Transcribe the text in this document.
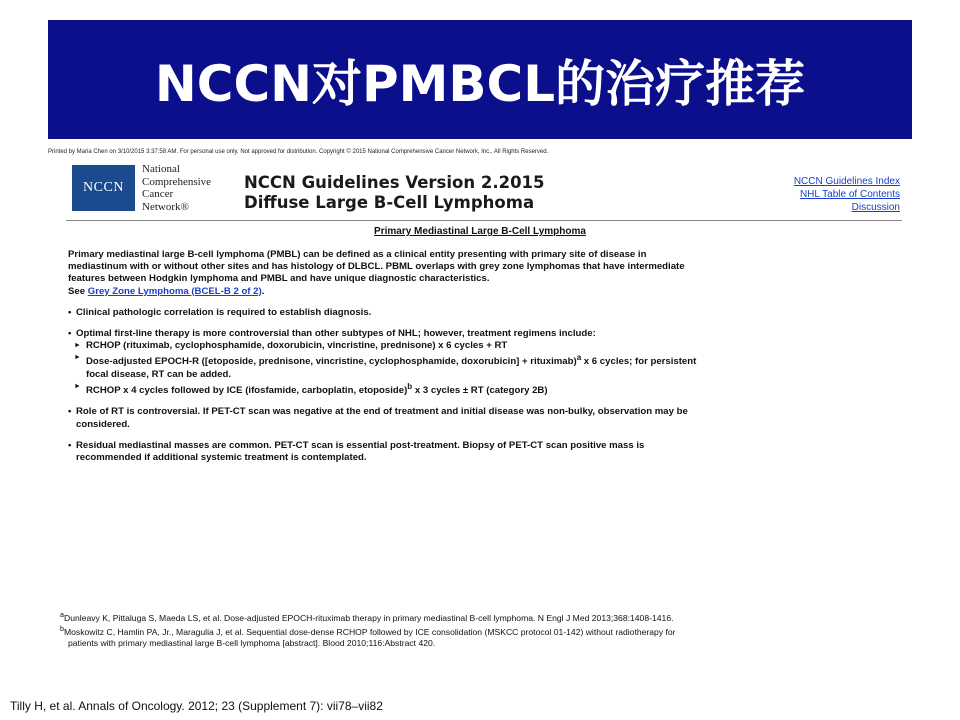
NCCN对PMBCL的治疗推荐
Printed by Maria Chen on 3/10/2015 3:37:58 AM. For personal use only. Not approved for distribution. Copyright © 2015 National Comprehensive Cancer Network, Inc., All Rights Reserved.
NCCN
National
Comprehensive
Cancer
Network®
NCCN Guidelines Version 2.2015
Diffuse Large B-Cell Lymphoma
NCCN Guidelines Index
NHL Table of Contents
Discussion
Primary Mediastinal Large B-Cell Lymphoma

Primary mediastinal large B-cell lymphoma (PMBL) can be defined as a clinical entity presenting with primary site of disease in

mediastinum with or without other sites and has histology of DLBCL. PBML overlaps with grey zone lymphomas that have intermediate

features between Hodgkin lymphoma and PMBL and have unique diagnostic characteristics.

See Grey Zone Lymphoma (BCEL-B 2 of 2).

• Clinical pathologic correlation is required to establish diagnosis.
• Optimal first-line therapy is more controversial than other subtypes of NHL; however, treatment regimens include:
► RCHOP (rituximab, cyclophosphamide, doxorubicin, vincristine, prednisone) x 6 cycles + RT
► Dose-adjusted EPOCH-R ([etoposide, prednisone, vincristine, cyclophosphamide, doxorubicin] + rituximab)$^a$ x 6 cycles; for persistent
focal disease, RT can be added.
► RCHOP x 4 cycles followed by ICE (ifosfamide, carboplatin, etoposide)$^b$ x 3 cycles ± RT (category 2B)
• Role of RT is controversial. If PET-CT scan was negative at the end of treatment and initial disease was non-bulky, observation may be
considered.
• Residual mediastinal masses are common. PET-CT scan is essential post-treatment. Biopsy of PET-CT scan positive mass is
recommended if additional systemic treatment is contemplated.

$^a$Dunleavy K, Pittaluga S, Maeda LS, et al. Dose-adjusted EPOCH-rituximab therapy in primary mediastinal B-cell lymphoma. N Engl J Med 2013;368:1408-1416.

$^b$Moskowitz C, Hamlin PA, Jr., Maragulia J, et al. Sequential dose-dense RCHOP followed by ICE consolidation (MSKCC protocol 01-142) without radiotherapy for

patients with primary mediastinal large B-cell lymphoma [abstract]. Blood 2010;116:Abstract 420.

Tilly H, et al. Annals of Oncology. 2012; 23 (Supplement 7): vii78–vii82
